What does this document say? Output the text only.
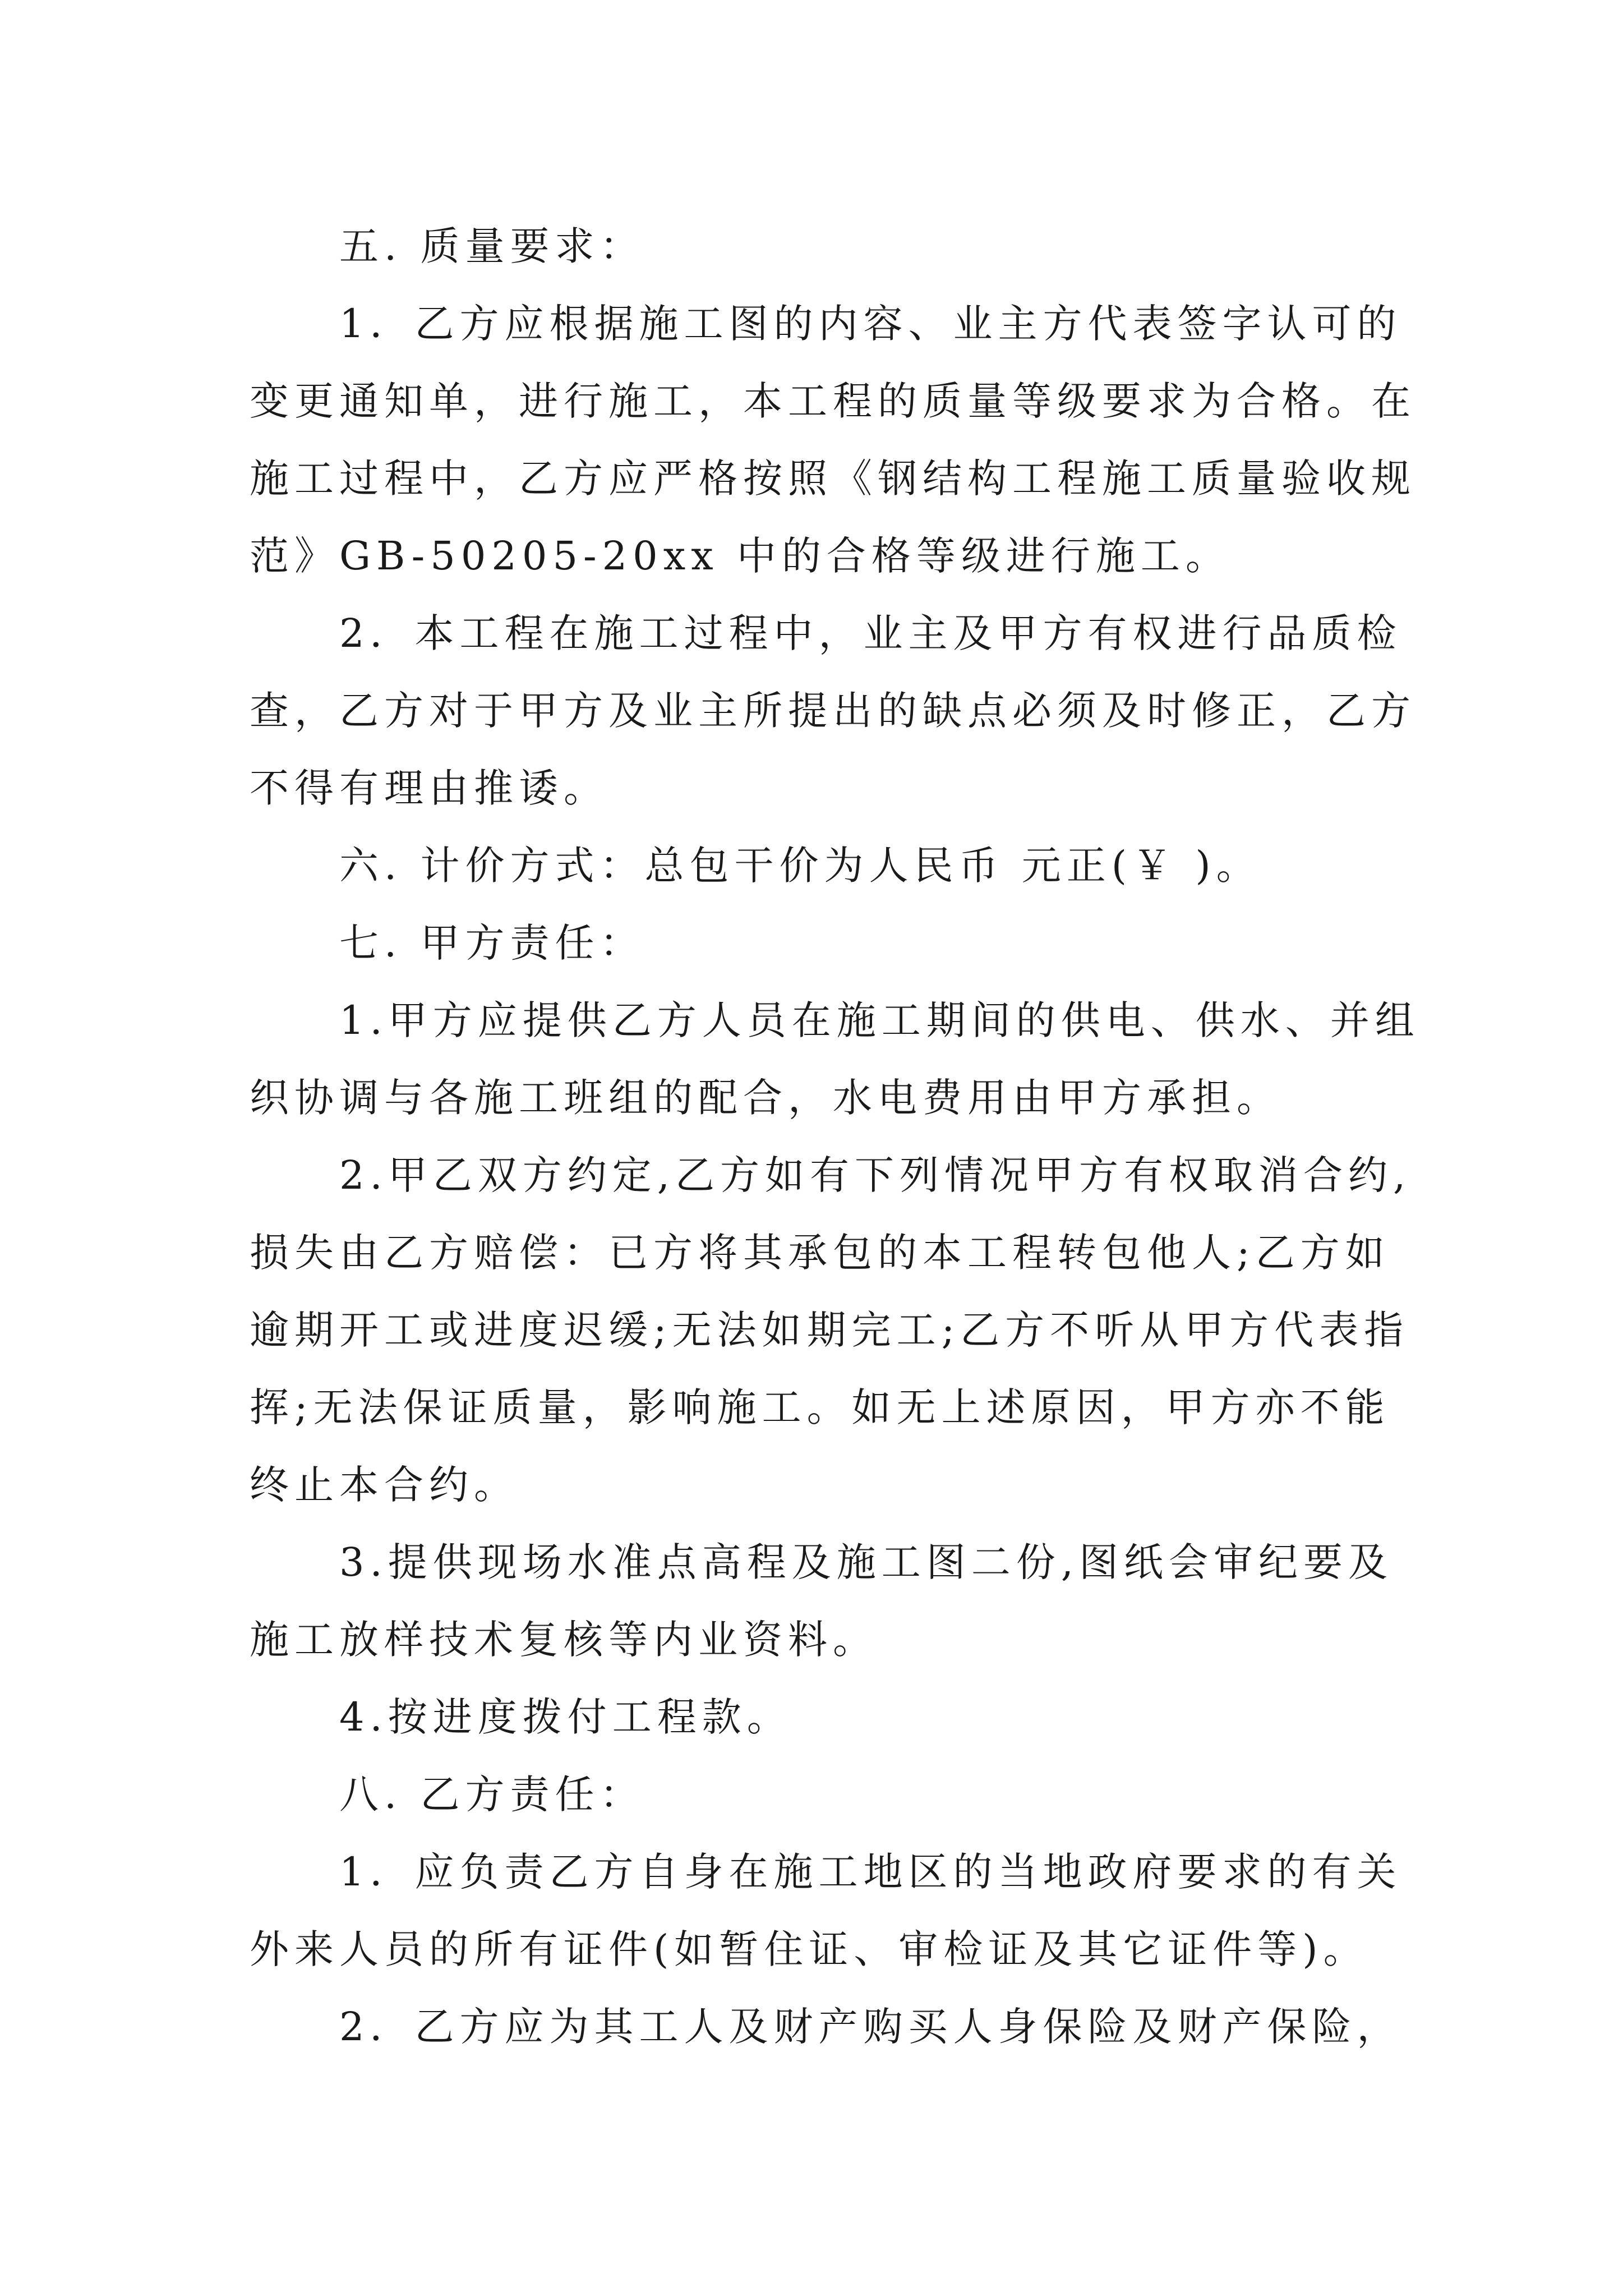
五. 质量要求：
1．乙方应根据施工图的内容、业主方代表签字认可的
变更通知单，进行施工，本工程的质量等级要求为合格。在
施工过程中，乙方应严格按照《钢结构工程施工质量验收规
范》GB-50205-20xx 中的合格等级进行施工。
2．本工程在施工过程中，业主及甲方有权进行品质检
查，乙方对于甲方及业主所提出的缺点必须及时修正，乙方
不得有理由推诿。
六. 计价方式：总包干价为人民币 元正(￥ )。
七. 甲方责任：
1.甲方应提供乙方人员在施工期间的供电、供水、并组
织协调与各施工班组的配合，水电费用由甲方承担。
2.甲乙双方约定,乙方如有下列情况甲方有权取消合约,
损失由乙方赔偿：已方将其承包的本工程转包他人;乙方如
逾期开工或进度迟缓;无法如期完工;乙方不听从甲方代表指
挥;无法保证质量，影响施工。如无上述原因，甲方亦不能
终止本合约。
3.提供现场水准点高程及施工图二份,图纸会审纪要及
施工放样技术复核等内业资料。
4.按进度拨付工程款。
八. 乙方责任：
1．应负责乙方自身在施工地区的当地政府要求的有关
外来人员的所有证件(如暂住证、审检证及其它证件等)。
2．乙方应为其工人及财产购买人身保险及财产保险，
